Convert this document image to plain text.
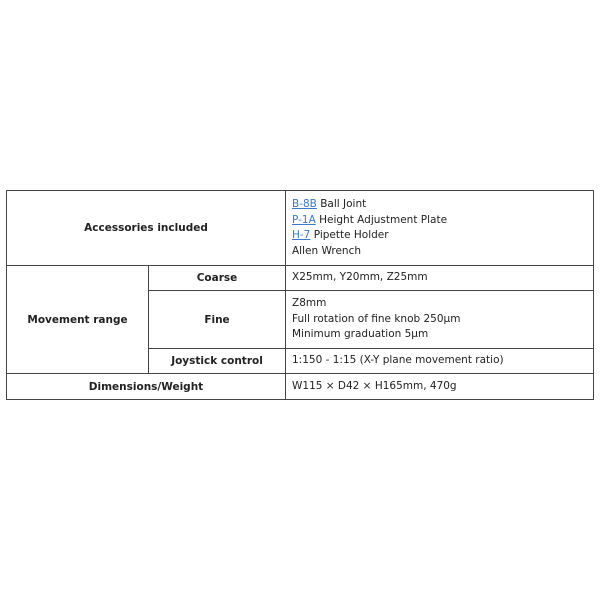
Accessories included		B-8B Ball Joint
P-1A Height Adjustment Plate
H-7 Pipette Holder
Allen Wrench

Movement range	Coarse	X25mm, Y20mm, Z25mm
	Fine	Z8mm
Full rotation of fine knob 250μm
Minimum graduation 5μm

	Joystick control	1:150 - 1:15 (X-Y plane movement ratio)
Dimensions/Weight		W115 × D42 × H165mm, 470g
